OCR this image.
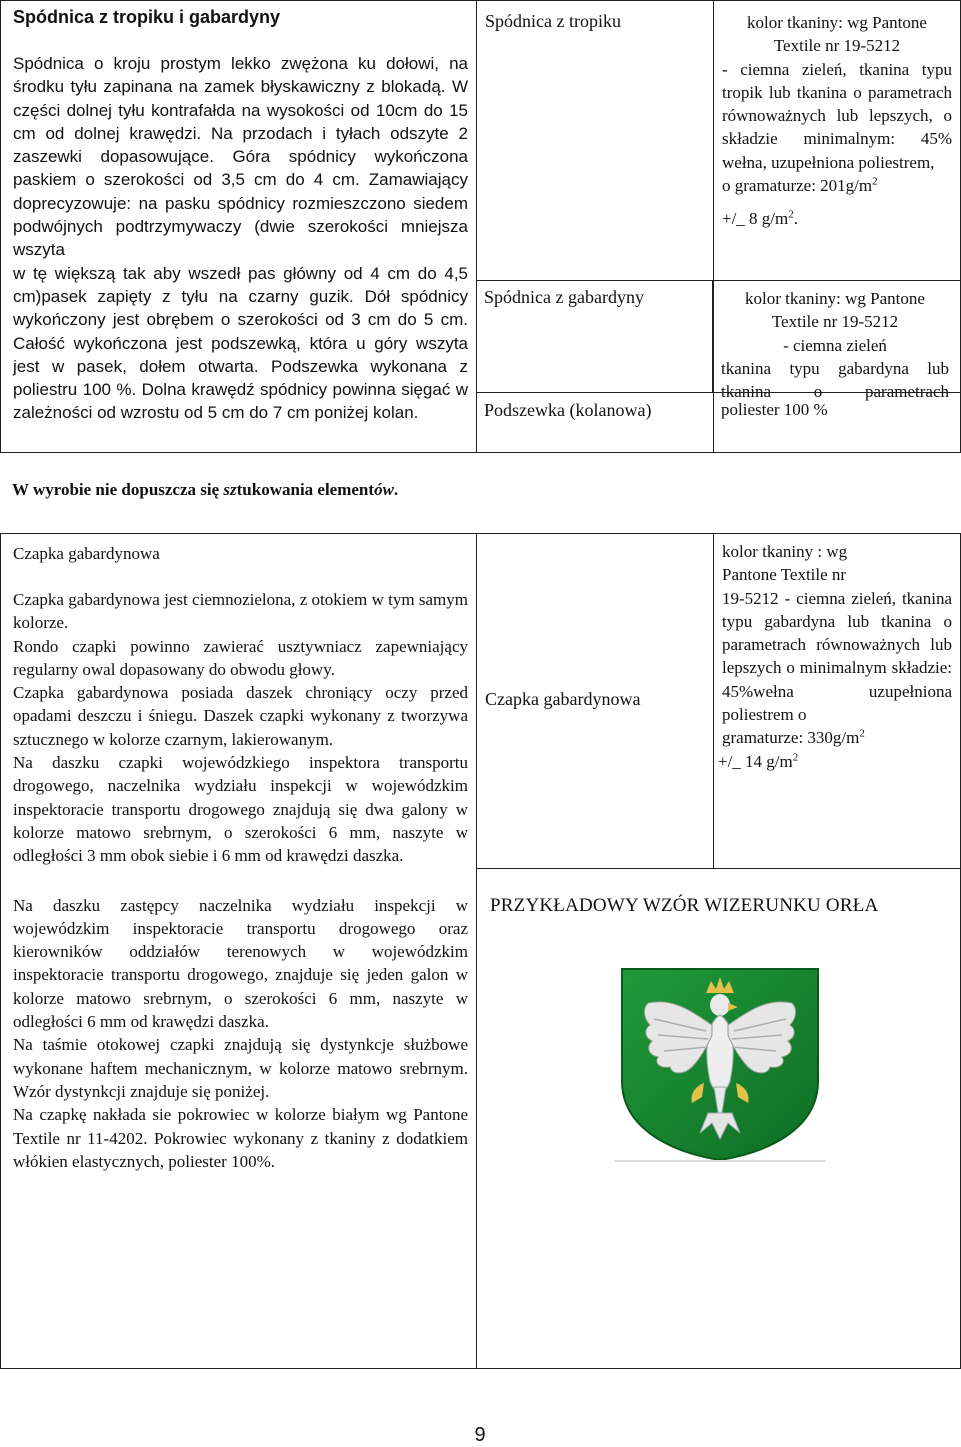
Spódnica z tropiku i gabardyny

Spódnica o kroju prostym lekko zwężona ku dołowi, na środku tyłu zapinana na zamek błyskawiczny z blokadą. W części dolnej tyłu kontrafałda na wysokości od 10cm do 15 cm od dolnej krawędzi. Na przodach i tyłach odszyte 2 zaszewki dopasowujące. Góra spódnicy wykończona paskiem o szerokości od 3,5 cm do 4 cm. Zamawiający doprecyzowuje: na pasku spódnicy rozmieszczono siedem podwójnych podtrzymywaczy (dwie szerokości mniejsza wszyta

w tę większą tak aby wszedł pas główny od 4 cm do 4,5 cm)pasek zapięty z tyłu na czarny guzik. Dół spódnicy wykończony jest obrębem o szerokości od 3 cm do 5 cm. Całość wykończona jest podszewką, która u góry wszyta jest w pasek, dołem otwarta. Podszewka wykonana z poliestru 100 %. Dolna krawędź spódnicy powinna sięgać w zależności od wzrostu od 5 cm do 7 cm poniżej kolan.

Spódnica z tropiku	kolor tkaniny: wg Pantone
Textile nr 19-5212

- ciemna zieleń, tkanina typu tropik lub tkanina o parametrach równoważnych lub lepszych, o składzie minimalnym: 45% wełna, uzupełniona poliestrem,

o gramaturze: $201g/m^2$
+/_ 8 $g/m^2$.
Spódnica z gabardyny	kolor tkaniny: wg Pantone
Textile nr 19-5212
- ciemna zieleń

tkanina typu gabardyna lub tkanina o parametrach

Podszewka (kolanowa)	poliester 100 %
W wyrobie nie dopuszcza się sztukowania elementów.
Czapka gabardynowa

Czapka gabardynowa jest ciemnozielona, z otokiem w tym samym kolorze.

Rondo czapki powinno zawierać usztywniacz zapewniający regularny owal dopasowany do obwodu głowy.

Czapka gabardynowa posiada daszek chroniący oczy przed opadami deszczu i śniegu. Daszek czapki wykonany z tworzywa sztucznego w kolorze czarnym, lakierowanym.

Na daszku czapki wojewódzkiego inspektora transportu drogowego, naczelnika wydziału inspekcji w wojewódzkim inspektoracie transportu drogowego znajdują się dwa galony w kolorze matowo srebrnym, o szerokości 6 mm, naszyte w odległości 3 mm obok siebie i 6 mm od krawędzi daszka.

Na daszku zastępcy naczelnika wydziału inspekcji w wojewódzkim inspektoracie transportu drogowego oraz kierowników oddziałów terenowych w wojewódzkim inspektoracie transportu drogowego, znajduje się jeden galon w kolorze matowo srebrnym, o szerokości 6 mm, naszyte w odległości 6 mm od krawędzi daszka.

Na taśmie otokowej czapki znajdują się dystynkcje służbowe wykonane haftem mechanicznym, w kolorze matowo srebrnym. Wzór dystynkcji znajduje się poniżej.

Na czapkę nakłada sie pokrowiec w kolorze białym wg Pantone Textile nr 11-4202. Pokrowiec wykonany z tkaniny z dodatkiem włókien elastycznych, poliester 100%.

Czapka gabardynowa

kolor tkaniny : wg
Pantone Textile nr

19-5212 - ciemna zieleń, tkanina typu gabardyna lub tkanina o parametrach równoważnych lub lepszych o minimalnym składzie: 45%wełna uzupełniona poliestrem o

gramaturze: $330g/m^2$
+/_ 14 $g/m^2$

PRZYKŁADOWY WZÓR WIZERUNKU ORŁA
9
